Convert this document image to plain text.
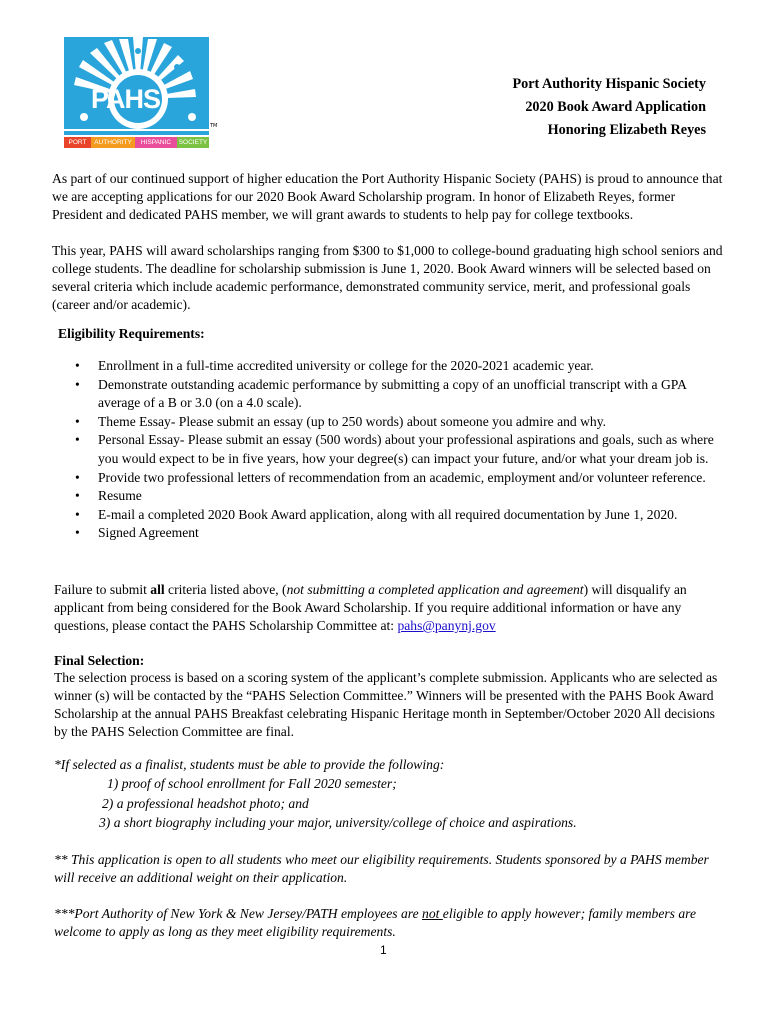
PAHS
TM
PORT	AUTHORITY	HISPANIC	SOCIETY
Port Authority Hispanic Society
2020 Book Award Application
Honoring Elizabeth Reyes

As part of our continued support of higher education the Port Authority Hispanic Society (PAHS) is proud to announce that we are accepting applications for our 2020 Book Award Scholarship program. In honor of Elizabeth Reyes, former President and dedicated PAHS member, we will grant awards to students to help pay for college textbooks.

This year, PAHS will award scholarships ranging from $300 to $1,000 to college-bound graduating high school seniors and college students. The deadline for scholarship submission is June 1, 2020. Book Award winners will be selected based on several criteria which include academic performance, demonstrated community service, merit, and professional goals (career and/or academic).

Eligibility Requirements:

• Enrollment in a full-time accredited university or college for the 2020-2021 academic year.
• Demonstrate outstanding academic performance by submitting a copy of an unofficial transcript with a GPA average of a B or 3.0 (on a 4.0 scale).
• Theme Essay- Please submit an essay (up to 250 words) about someone you admire and why.
• Personal Essay- Please submit an essay (500 words) about your professional aspirations and goals, such as where you would expect to be in five years, how your degree(s) can impact your future, and/or what your dream job is.
• Provide two professional letters of recommendation from an academic, employment and/or volunteer reference.
• Resume
• E-mail a completed 2020 Book Award application, along with all required documentation by June 1, 2020.
• Signed Agreement

Failure to submit all criteria listed above, (not submitting a completed application and agreement) will disqualify an applicant from being considered for the Book Award Scholarship. If you require additional information or have any questions, please contact the PAHS Scholarship Committee at: pahs@panynj.gov

Final Selection:

The selection process is based on a scoring system of the applicant’s complete submission. Applicants who are selected as winner (s) will be contacted by the “PAHS Selection Committee.” Winners will be presented with the PAHS Book Award Scholarship at the annual PAHS Breakfast celebrating Hispanic Heritage month in September/October 2020 All decisions by the PAHS Selection Committee are final.

*If selected as a finalist, students must be able to provide the following:

1) proof of school enrollment for Fall 2020 semester;

2) a professional headshot photo; and

3) a short biography including your major, university/college of choice and aspirations.

** This application is open to all students who meet our eligibility requirements. Students sponsored by a PAHS member will receive an additional weight on their application.

***Port Authority of New York & New Jersey/PATH employees are not eligible to apply however; family members are welcome to apply as long as they meet eligibility requirements.

1
